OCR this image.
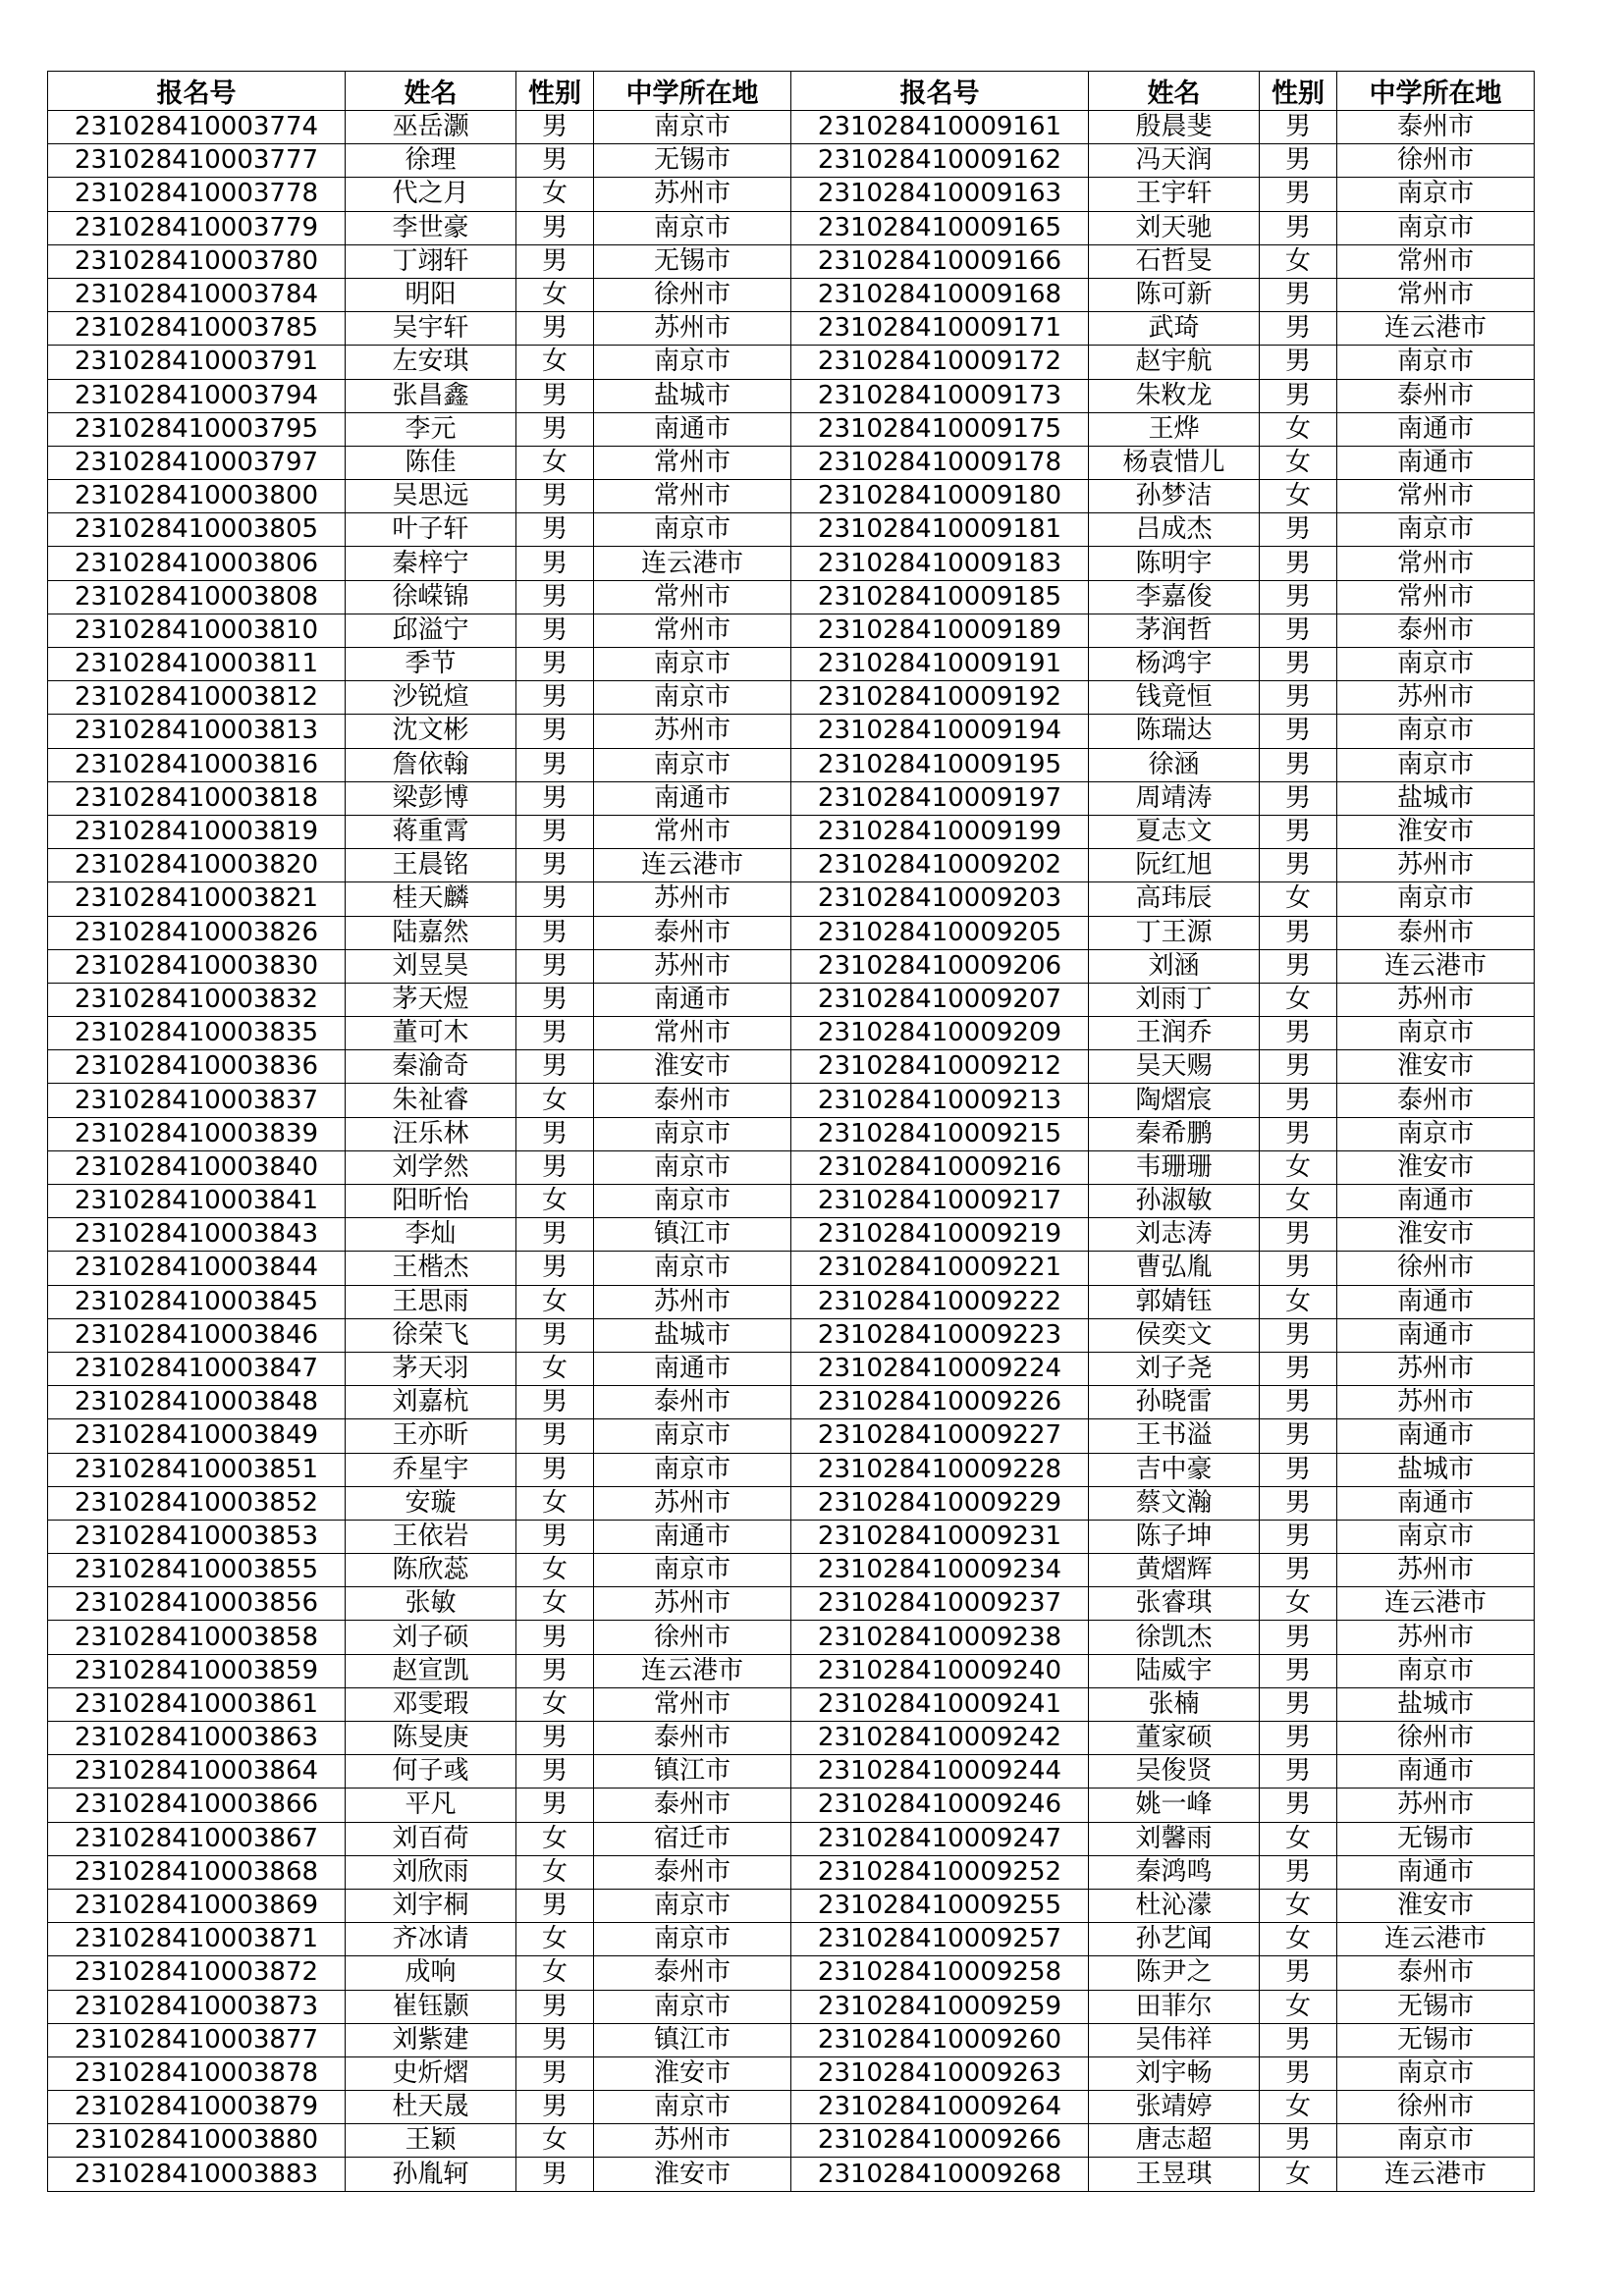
报名号	姓名	性别	中学所在地	报名号	姓名	性别	中学所在地
231028410003774	巫岳灏	男	南京市	231028410009161	殷晨斐	男	泰州市
231028410003777	徐理	男	无锡市	231028410009162	冯天润	男	徐州市
231028410003778	代之月	女	苏州市	231028410009163	王宇轩	男	南京市
231028410003779	李世豪	男	南京市	231028410009165	刘天驰	男	南京市
231028410003780	丁翊轩	男	无锡市	231028410009166	石哲旻	女	常州市
231028410003784	明阳	女	徐州市	231028410009168	陈可新	男	常州市
231028410003785	吴宇轩	男	苏州市	231028410009171	武琦	男	连云港市
231028410003791	左安琪	女	南京市	231028410009172	赵宇航	男	南京市
231028410003794	张昌鑫	男	盐城市	231028410009173	朱敉龙	男	泰州市
231028410003795	李元	男	南通市	231028410009175	王烨	女	南通市
231028410003797	陈佳	女	常州市	231028410009178	杨袁惜儿	女	南通市
231028410003800	吴思远	男	常州市	231028410009180	孙梦洁	女	常州市
231028410003805	叶子轩	男	南京市	231028410009181	吕成杰	男	南京市
231028410003806	秦梓宁	男	连云港市	231028410009183	陈明宇	男	常州市
231028410003808	徐嵘锦	男	常州市	231028410009185	李嘉俊	男	常州市
231028410003810	邱溢宁	男	常州市	231028410009189	茅润哲	男	泰州市
231028410003811	季节	男	南京市	231028410009191	杨鸿宇	男	南京市
231028410003812	沙锐煊	男	南京市	231028410009192	钱竟恒	男	苏州市
231028410003813	沈文彬	男	苏州市	231028410009194	陈瑞达	男	南京市
231028410003816	詹依翰	男	南京市	231028410009195	徐涵	男	南京市
231028410003818	梁彭博	男	南通市	231028410009197	周靖涛	男	盐城市
231028410003819	蒋重霄	男	常州市	231028410009199	夏志文	男	淮安市
231028410003820	王晨铭	男	连云港市	231028410009202	阮红旭	男	苏州市
231028410003821	桂天麟	男	苏州市	231028410009203	高玮辰	女	南京市
231028410003826	陆嘉然	男	泰州市	231028410009205	丁王源	男	泰州市
231028410003830	刘昱昊	男	苏州市	231028410009206	刘涵	男	连云港市
231028410003832	茅天煜	男	南通市	231028410009207	刘雨丁	女	苏州市
231028410003835	董可木	男	常州市	231028410009209	王润乔	男	南京市
231028410003836	秦渝奇	男	淮安市	231028410009212	吴天赐	男	淮安市
231028410003837	朱祉睿	女	泰州市	231028410009213	陶熠宸	男	泰州市
231028410003839	汪乐林	男	南京市	231028410009215	秦希鹏	男	南京市
231028410003840	刘学然	男	南京市	231028410009216	韦珊珊	女	淮安市
231028410003841	阳昕怡	女	南京市	231028410009217	孙淑敏	女	南通市
231028410003843	李灿	男	镇江市	231028410009219	刘志涛	男	淮安市
231028410003844	王楷杰	男	南京市	231028410009221	曹弘胤	男	徐州市
231028410003845	王思雨	女	苏州市	231028410009222	郭婧钰	女	南通市
231028410003846	徐荣飞	男	盐城市	231028410009223	侯奕文	男	南通市
231028410003847	茅天羽	女	南通市	231028410009224	刘子尧	男	苏州市
231028410003848	刘嘉杭	男	泰州市	231028410009226	孙晓雷	男	苏州市
231028410003849	王亦昕	男	南京市	231028410009227	王书溢	男	南通市
231028410003851	乔星宇	男	南京市	231028410009228	吉中豪	男	盐城市
231028410003852	安璇	女	苏州市	231028410009229	蔡文瀚	男	南通市
231028410003853	王依岩	男	南通市	231028410009231	陈子坤	男	南京市
231028410003855	陈欣蕊	女	南京市	231028410009234	黄熠辉	男	苏州市
231028410003856	张敏	女	苏州市	231028410009237	张睿琪	女	连云港市
231028410003858	刘子硕	男	徐州市	231028410009238	徐凯杰	男	苏州市
231028410003859	赵宣凯	男	连云港市	231028410009240	陆威宇	男	南京市
231028410003861	邓雯瑕	女	常州市	231028410009241	张楠	男	盐城市
231028410003863	陈旻庚	男	泰州市	231028410009242	董家硕	男	徐州市
231028410003864	何子彧	男	镇江市	231028410009244	吴俊贤	男	南通市
231028410003866	平凡	男	泰州市	231028410009246	姚一峰	男	苏州市
231028410003867	刘百荷	女	宿迁市	231028410009247	刘馨雨	女	无锡市
231028410003868	刘欣雨	女	泰州市	231028410009252	秦鸿鸣	男	南通市
231028410003869	刘宇桐	男	南京市	231028410009255	杜沁濛	女	淮安市
231028410003871	齐冰请	女	南京市	231028410009257	孙艺闻	女	连云港市
231028410003872	成响	女	泰州市	231028410009258	陈尹之	男	泰州市
231028410003873	崔钰颢	男	南京市	231028410009259	田菲尔	女	无锡市
231028410003877	刘紫建	男	镇江市	231028410009260	吴伟祥	男	无锡市
231028410003878	史炘熠	男	淮安市	231028410009263	刘宇畅	男	南京市
231028410003879	杜天晟	男	南京市	231028410009264	张靖婷	女	徐州市
231028410003880	王颖	女	苏州市	231028410009266	唐志超	男	南京市
231028410003883	孙胤轲	男	淮安市	231028410009268	王昱琪	女	连云港市
